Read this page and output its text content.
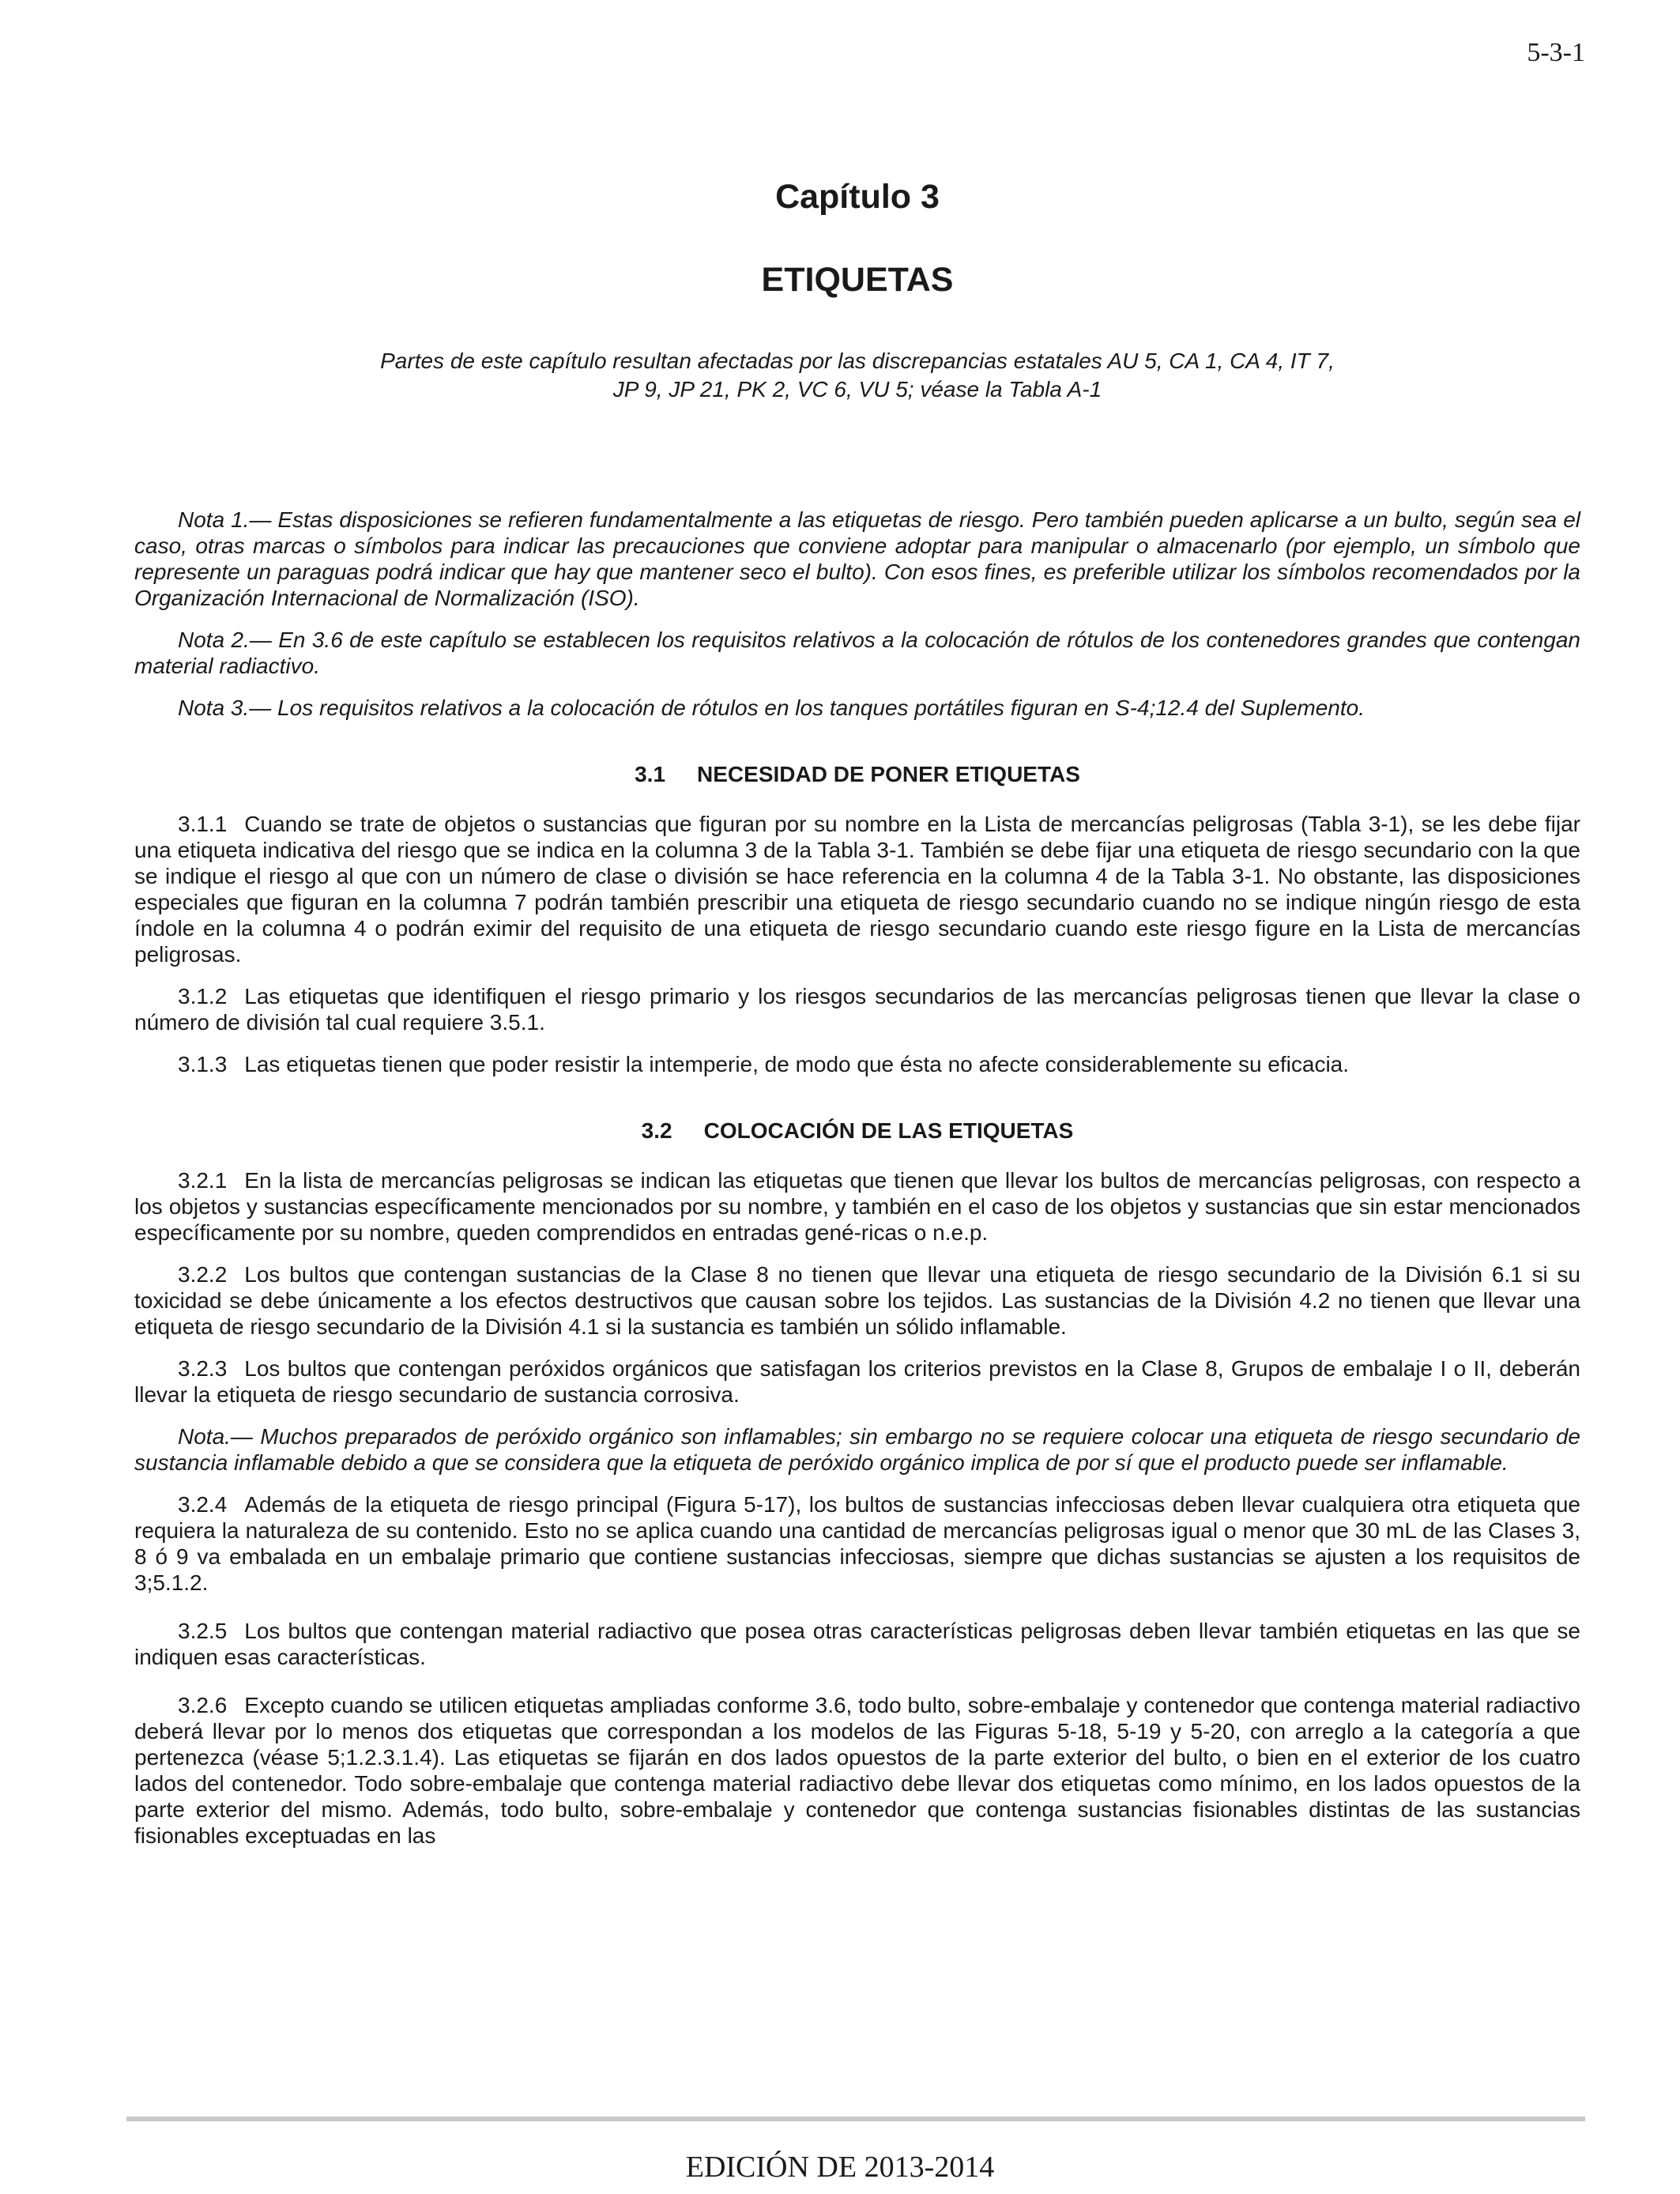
5-3-1
Capítulo 3
ETIQUETAS
Partes de este capítulo resultan afectadas por las discrepancias estatales AU 5, CA 1, CA 4, IT 7,
JP 9, JP 21, PK 2, VC 6, VU 5; véase la Tabla A-1

Nota 1.— Estas disposiciones se refieren fundamentalmente a las etiquetas de riesgo. Pero también pueden aplicarse a un bulto, según sea el caso, otras marcas o símbolos para indicar las precauciones que conviene adoptar para manipular o almacenarlo (por ejemplo, un símbolo que represente un paraguas podrá indicar que hay que mantener seco el bulto). Con esos fines, es preferible utilizar los símbolos recomendados por la Organización Internacional de Normalización (ISO).

Nota 2.— En 3.6 de este capítulo se establecen los requisitos relativos a la colocación de rótulos de los contenedores grandes que contengan material radiactivo.

Nota 3.— Los requisitos relativos a la colocación de rótulos en los tanques portátiles figuran en S-4;12.4 del Suplemento.

3.1 NECESIDAD DE PONER ETIQUETAS

3.1.1 Cuando se trate de objetos o sustancias que figuran por su nombre en la Lista de mercancías peligrosas (Tabla 3-1), se les debe fijar una etiqueta indicativa del riesgo que se indica en la columna 3 de la Tabla 3-1. También se debe fijar una etiqueta de riesgo secundario con la que se indique el riesgo al que con un número de clase o división se hace referencia en la columna 4 de la Tabla 3-1. No obstante, las disposiciones especiales que figuran en la columna 7 podrán también prescribir una etiqueta de riesgo secundario cuando no se indique ningún riesgo de esta índole en la columna 4 o podrán eximir del requisito de una etiqueta de riesgo secundario cuando este riesgo figure en la Lista de mercancías peligrosas.

3.1.2 Las etiquetas que identifiquen el riesgo primario y los riesgos secundarios de las mercancías peligrosas tienen que llevar la clase o número de división tal cual requiere 3.5.1.

3.1.3 Las etiquetas tienen que poder resistir la intemperie, de modo que ésta no afecte considerablemente su eficacia.

3.2 COLOCACIÓN DE LAS ETIQUETAS

3.2.1 En la lista de mercancías peligrosas se indican las etiquetas que tienen que llevar los bultos de mercancías peligrosas, con respecto a los objetos y sustancias específicamente mencionados por su nombre, y también en el caso de los objetos y sustancias que sin estar mencionados específicamente por su nombre, queden comprendidos en entradas gené-ricas o n.e.p.

3.2.2 Los bultos que contengan sustancias de la Clase 8 no tienen que llevar una etiqueta de riesgo secundario de la División 6.1 si su toxicidad se debe únicamente a los efectos destructivos que causan sobre los tejidos. Las sustancias de la División 4.2 no tienen que llevar una etiqueta de riesgo secundario de la División 4.1 si la sustancia es también un sólido inflamable.

3.2.3 Los bultos que contengan peróxidos orgánicos que satisfagan los criterios previstos en la Clase 8, Grupos de embalaje I o II, deberán llevar la etiqueta de riesgo secundario de sustancia corrosiva.

Nota.— Muchos preparados de peróxido orgánico son inflamables; sin embargo no se requiere colocar una etiqueta de riesgo secundario de sustancia inflamable debido a que se considera que la etiqueta de peróxido orgánico implica de por sí que el producto puede ser inflamable.

3.2.4 Además de la etiqueta de riesgo principal (Figura 5-17), los bultos de sustancias infecciosas deben llevar cualquiera otra etiqueta que requiera la naturaleza de su contenido. Esto no se aplica cuando una cantidad de mercancías peligrosas igual o menor que 30 mL de las Clases 3, 8 ó 9 va embalada en un embalaje primario que contiene sustancias infecciosas, siempre que dichas sustancias se ajusten a los requisitos de 3;5.1.2.

3.2.5 Los bultos que contengan material radiactivo que posea otras características peligrosas deben llevar también etiquetas en las que se indiquen esas características.

3.2.6 Excepto cuando se utilicen etiquetas ampliadas conforme 3.6, todo bulto, sobre-embalaje y contenedor que contenga material radiactivo deberá llevar por lo menos dos etiquetas que correspondan a los modelos de las Figuras 5-18, 5-19 y 5-20, con arreglo a la categoría a que pertenezca (véase 5;1.2.3.1.4). Las etiquetas se fijarán en dos lados opuestos de la parte exterior del bulto, o bien en el exterior de los cuatro lados del contenedor. Todo sobre-embalaje que contenga material radiactivo debe llevar dos etiquetas como mínimo, en los lados opuestos de la parte exterior del mismo. Además, todo bulto, sobre-embalaje y contenedor que contenga sustancias fisionables distintas de las sustancias fisionables exceptuadas en las

EDICIÓN DE 2013-2014
